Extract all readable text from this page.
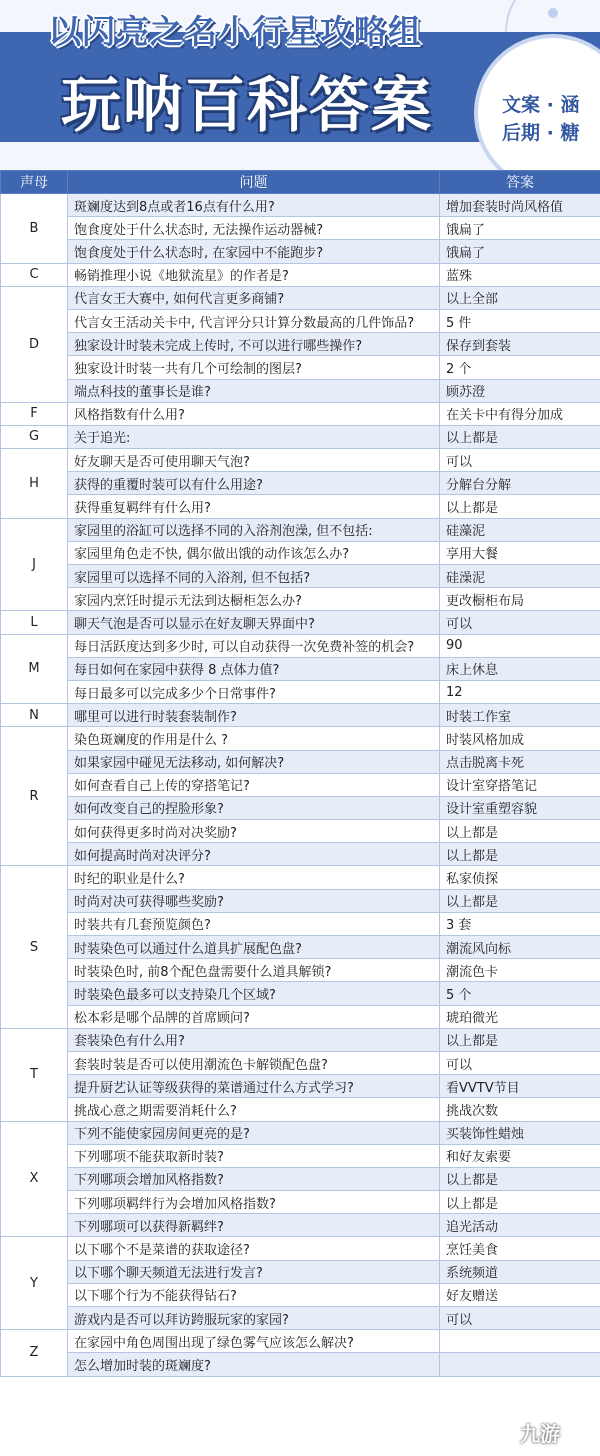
以闪亮之名小行星攻略组
玩呐百科答案	文案 · 涵
后期 · 糖
声母	问题	答案
B	斑斓度达到8点或者16点有什么用?	增加套装时尚风格值
	饱食度处于什么状态时, 无法操作运动器械?	饿扁了
	饱食度处于什么状态时, 在家园中不能跑步?	饿扁了
C	畅销推理小说《地狱流星》的作者是?	蓝殊
D	代言女王大赛中, 如何代言更多商铺?	以上全部
	代言女王活动关卡中, 代言评分只计算分数最高的几件饰品?	5 件
	独家设计时装未完成上传时, 不可以进行哪些操作?	保存到套装
	独家设计时装一共有几个可绘制的图层?	2 个
	端点科技的董事长是谁?	顾苏澄
F	风格指数有什么用?	在关卡中有得分加成
G	关于追光:	以上都是
H	好友聊天是否可使用聊天气泡?	可以
	获得的重覆时装可以有什么用途?	分解台分解
	获得重复羁绊有什么用?	以上都是
J	家园里的浴缸可以选择不同的入浴剂泡澡, 但不包括:	硅藻泥
	家园里角色走不快, 偶尔做出饿的动作该怎么办?	享用大餐
	家园里可以选择不同的入浴剂, 但不包括?	硅澡泥
	家园内烹饪时提示无法到达橱柜怎么办?	更改橱柜布局
L	聊天气泡是否可以显示在好友聊天界面中?	可以
M	每日活跃度达到多少时, 可以自动获得一次免费补签的机会?	90
	每日如何在家园中获得 8 点体力值?	床上休息
	每日最多可以完成多少个日常事件?	12
N	哪里可以进行时装套装制作?	时装工作室
R	染色斑斓度的作用是什么 ?	时装风格加成
	如果家园中碰见无法移动, 如何解决?	点击脱离卡死
	如何查看自己上传的穿搭笔记?	设计室穿搭笔记
	如何改变自己的捏脸形象?	设计室重塑容貌
	如何获得更多时尚对决奖励?	以上都是
	如何提高时尚对决评分?	以上都是
S	时纪的职业是什么?	私家侦探
	时尚对决可获得哪些奖励?	以上都是
	时装共有几套预览颜色?	3 套
	时装染色可以通过什么道具扩展配色盘?	潮流风向标
	时装染色时, 前8个配色盘需要什么道具解锁?	潮流色卡
	时装染色最多可以支持染几个区域?	5 个
	松本彩是哪个品牌的首席顾问?	琥珀微光
T	套装染色有什么用?	以上都是
	套装时装是否可以使用潮流色卡解锁配色盘?	可以
	提升厨艺认证等级获得的菜谱通过什么方式学习?	看VVTV节目
	挑战心意之期需要消耗什么?	挑战次数
X	下列不能使家园房间更亮的是?	买装饰性蜡烛
	下列哪项不能获取新时装?	和好友索要
	下列哪项会增加风格指数?	以上都是
	下列哪项羁绊行为会增加风格指数?	以上都是
	下列哪项可以获得新羁绊?	追光活动
Y	以下哪个不是菜谱的获取途径?	烹饪美食
	以下哪个聊天频道无法进行发言?	系统频道
	以下哪个行为不能获得钻石?	好友赠送
	游戏内是否可以拜访跨服玩家的家园?	可以
Z	在家园中角色周围出现了绿色雾气应该怎么解决?	
	怎么增加时装的斑斓度?	
九游
